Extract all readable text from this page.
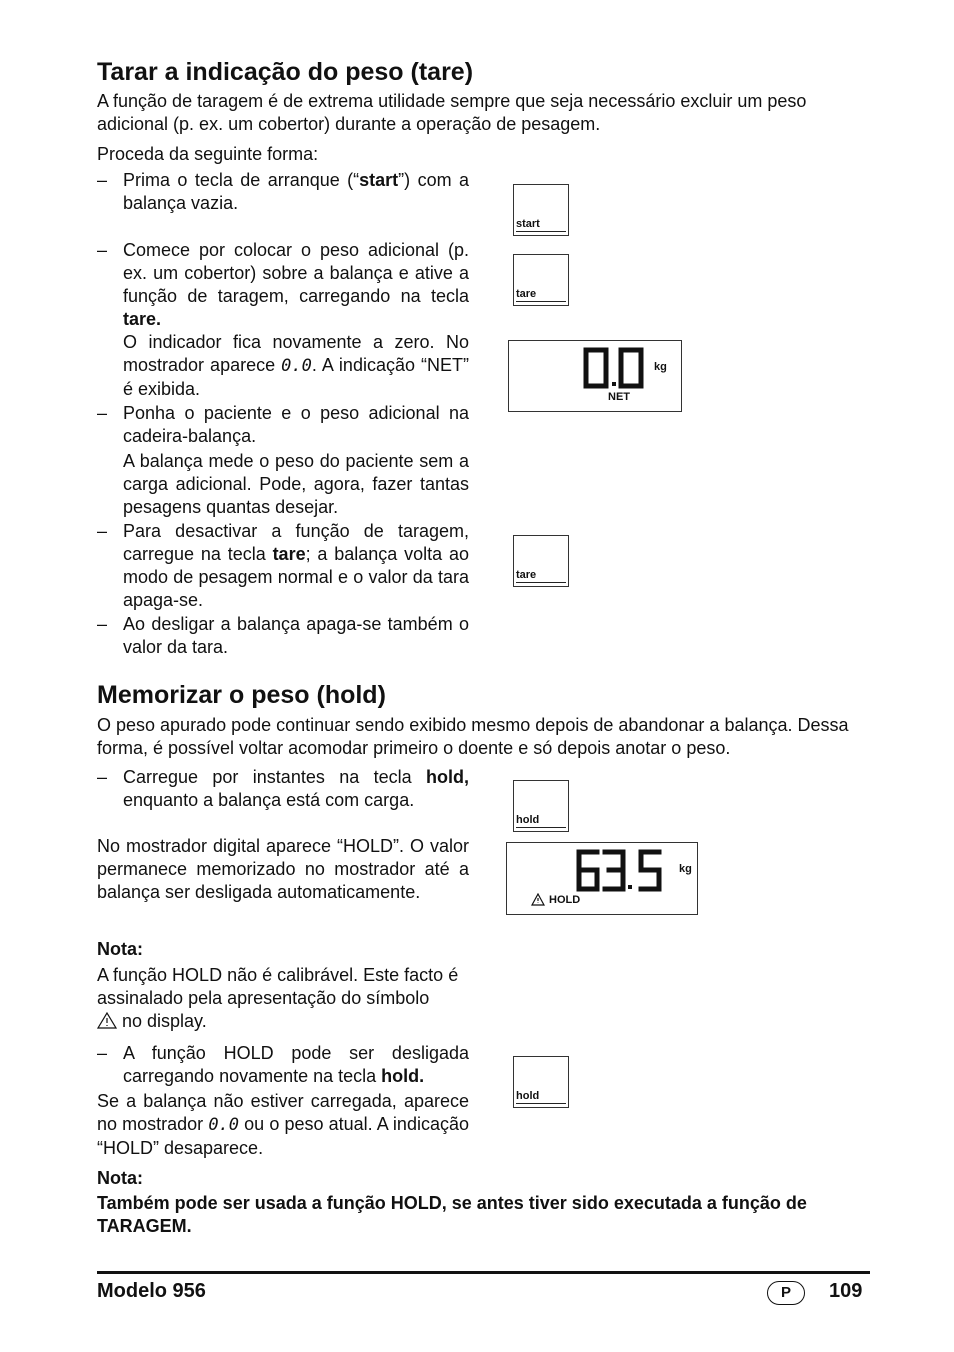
Tarar a indicação do peso (tare)
A função de taragem é de extrema utilidade sempre que seja necessário excluir um peso adicional (p. ex. um cobertor) durante a operação de pesagem.
Proceda da seguinte forma:
– Prima o tecla de arranque (“start”) com a balança vazia.
– Comece por colocar o peso adicional (p. ex. um cobertor) sobre a balança e ative a função de taragem, carregando na tecla tare.
O indicador fica novamente a zero. No mostrador aparece 0.0. A indicação “NET” é exibida.
– Ponha o paciente e o peso adicional na cadeira-balança.
A balança mede o peso do paciente sem a carga adicional. Pode, agora, fazer tantas pesagens quantas desejar.
– Para desactivar a função de taragem, carregue na tecla tare; a balança volta ao modo de pesagem normal e o valor da tara apaga-se.
– Ao desligar a balança apaga-se também o valor da tara.
start
tare
kg
NET
tare
Memorizar o peso (hold)
O peso apurado pode continuar sendo exibido mesmo depois de abandonar a balança. Dessa forma, é possível voltar acomodar primeiro o doente e só depois anotar o peso.
– Carregue por instantes na tecla hold, enquanto a balança está com carga.
No mostrador digital aparece “HOLD”. O valor permanece memorizado no mostrador até a balança ser desligada automaticamente.
Nota:
A função HOLD não é calibrável. Este facto é assinalado pela apresentação do símbolo
no display.
– A função HOLD pode ser desligada carregando novamente na tecla hold.
Se a balança não estiver carregada, aparece no mostrador 0.0 ou o peso atual. A indicação “HOLD” desaparece.
Nota:
Também pode ser usada a função HOLD, se antes tiver sido executada a função de TARAGEM.
hold
kg
HOLD
hold
Modelo 956	P	109
